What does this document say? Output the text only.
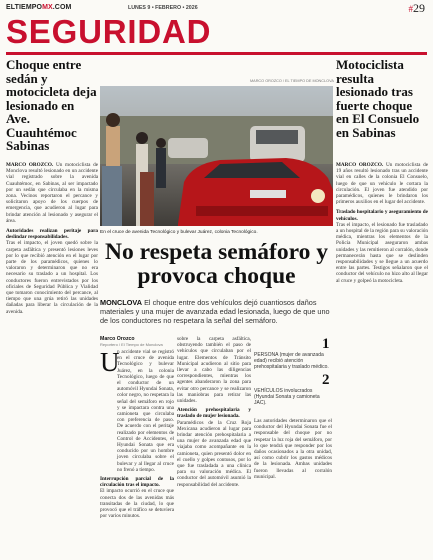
ELTIEMPOMX.COM	LUNES 9 • FEBRERO • 2026	#29
SEGURIDAD
Choque entre sedán y motocicleta deja lesionado en Ave. Cuauhtémoc Sabinas
MARCO OROZCO. Un motociclista de Monclova resultó lesionado en un accidente vial registrado sobre la avenida Cuauhtémoc, en Sabinas, al ser impactado por un sedán que circulaba en la misma zona. Vecinos reportaron el percance y solicitaron apoyo de los cuerpos de emergencia, que acudieron al lugar para brindar atención al lesionado y asegurar el área.
Autoridades realizan peritaje para deslindar responsabilidades.
Tras el impacto, el joven quedó sobre la carpeta asfáltica y presentó lesiones leves por lo que recibió atención en el lugar por parte de los paramédicos, quienes lo valoraron y determinaron que no era necesario su traslado a un hospital. Los conductores fueron entrevistados por los oficiales de Seguridad Pública y Vialidad que tomaron conocimiento del percance, al tiempo que una grúa retiró las unidades dañadas para liberar la circulación de la avenida.
MARCO OROZCO / EL TIEMPO DE MONCLOVA
En el cruce de avenida Tecnológico y bulevar Juárez, colonia Tecnológico.
No respeta semáforo y provoca choque
MONCLOVA El choque entre dos vehículos dejó cuantiosos daños materiales y una mujer de avanzada edad lesionada, luego de que uno de los conductores no respetara la señal del semáforo.
Marco Orozco
Reportero / El Tiempo de Monclova
U
n accidente vial se registró en el cruce de avenida Tecnológico y bulevar Juárez, en la colonia Tecnológico, luego de que el conductor de un automóvil Hyundai Sonata, color negro, no respetara la señal del semáforo en rojo y se impactara contra una camioneta que circulaba con preferencia de paso. De acuerdo con el peritaje realizado por elementos de Control de Accidentes, el Hyundai Sonata que era conducido por un hombre joven circulaba sobre el bulevar y al llegar al cruce no frenó a tiempo.
Interrupción parcial de la circulación tras el impacto.
El impacto ocurrió en el cruce que conecta dos de las avenidas más transitadas de la ciudad, lo que provocó que el tráfico se detuviera por varios minutos.
sobre la carpeta asfáltica, obstruyendo también el paso de vehículos que circulaban por el lugar. Elementos de Tránsito Municipal acudieron al sitio para llevar a cabo las diligencias correspondientes, mientras los agentes abanderaron la zona para evitar otro percance y se realizaron las maniobras para retirar las unidades.
Atención prehospitalaria y traslado de mujer lesionada.
Paramédicos de la Cruz Roja Mexicana acudieron al lugar para brindar atención prehospitalaria a una mujer de avanzada edad que viajaba como acompañante en la camioneta, quien presentó dolor en el cuello y golpes contusos, por lo que fue trasladada a una clínica para su valoración médica. El conductor del automóvil asumió la responsabilidad del accidente.
1
PERSONA (mujer de avanzada edad) recibió atención prehospitalaria y traslado médico.
2
VEHÍCULOS involucrados (Hyundai Sonata y camioneta JAC).
Las autoridades determinaron que el conductor del Hyundai Sonata fue el responsable del choque por no respetar la luz roja del semáforo, por lo que tendrá que responder por los daños ocasionados a la otra unidad, así como cubrir los gastos médicos de la lesionada. Ambas unidades fueron llevadas al corralón municipal.
Motociclista resulta lesionado tras fuerte choque en El Consuelo en Sabinas
MARCO OROZCO. Un motociclista de 19 años resultó lesionado tras un accidente vial en calles de la colonia El Consuelo, luego de que un vehículo le cortara la circulación. El joven fue atendido por paramédicos, quienes le brindaron los primeros auxilios en el lugar del accidente.
Traslado hospitalario y aseguramiento de vehículos.
Tras el impacto, el lesionado fue trasladado a un hospital de la región para su valoración médica, mientras los elementos de la Policía Municipal aseguraron ambas unidades y las remitieron al corralón, donde permanecerán hasta que se deslinden responsabilidades y se llegue a un acuerdo entre las partes. Testigos señalaron que el conductor del vehículo no hizo alto al llegar al cruce y golpeó la motocicleta.
